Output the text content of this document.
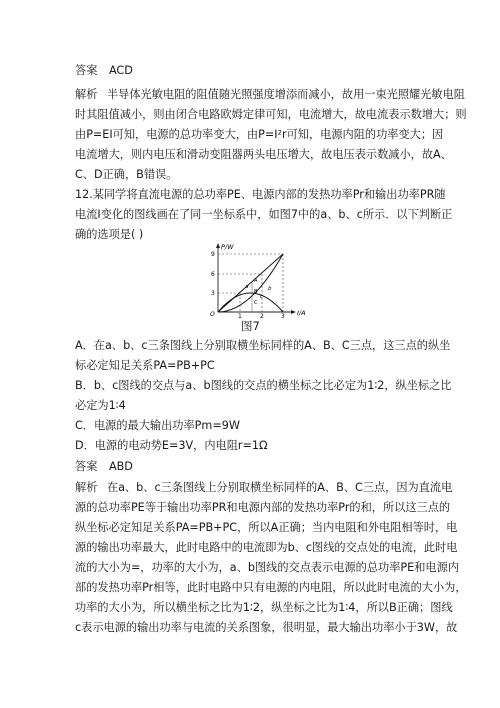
答案 ACD
解析 半导体光敏电阻的阻值随光照强度增添而减小，故用一束光照耀光敏电阻
时其阻值减小，则由闭合电路欧姆定律可知，电流增大，故电流表示数增大；则
由P=EI可知，电源的总功率变大，由P=I²r可知，电源内阻的功率变大；因
电流增大，则内电压和滑动变阻器两头电压增大，故电压表示数减小，故A、
C、D正确，B错误。
12.某同学将直流电源的总功率PE、电源内部的发热功率Pr和输出功率PR随
电流I变化的图线画在了同一坐标系中，如图7中的a、b、c所示．以下判断正
确的选项是( )
P/W
I/A
9
6
3
O	1	2	3
a	b
c
A
B
C
图7
A．在a、b、c三条图线上分别取横坐标同样的A、B、C三点，这三点的纵坐
标必定知足关系PA=PB+PC
B．b、c图线的交点与a、b图线的交点的横坐标之比必定为1∶2，纵坐标之比
必定为1∶4
C．电源的最大输出功率Pm=9W
D．电源的电动势E=3V，内电阻r=1Ω
答案 ABD
解析 在a、b、c三条图线上分别取横坐标同样的A、B、C三点，因为直流电
源的总功率PE等于输出功率PR和电源内部的发热功率Pr的和，所以这三点的
纵坐标必定知足关系PA=PB+PC，所以A正确；当内电阻和外电阻相等时，电
源的输出功率最大，此时电路中的电流即为b、c图线的交点处的电流，此时电
流的大小为=，功率的大小为，a、b图线的交点表示电源的总功率PE和电源内
部的发热功率Pr相等，此时电路中只有电源的内电阻，所以此时电流的大小为，
功率的大小为，所以横坐标之比为1∶2，纵坐标之比为1∶4，所以B正确；图线
c表示电源的输出功率与电流的关系图象，很明显，最大输出功率小于3W，故
